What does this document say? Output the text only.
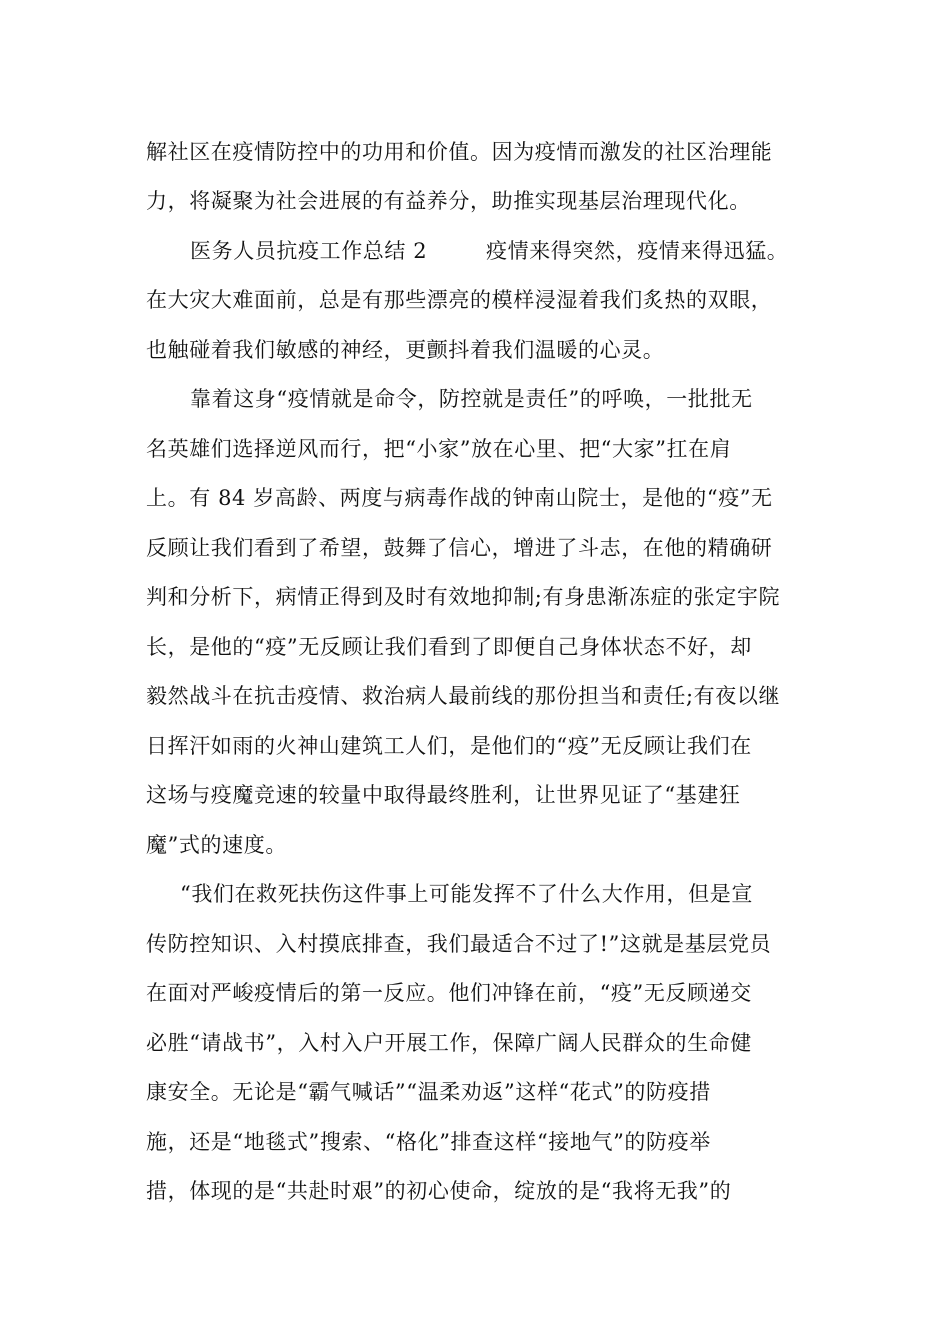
解社区在疫情防控中的功用和价值。因为疫情而激发的社区治理能
力，将凝聚为社会进展的有益养分，助推实现基层治理现代化。
医务人员抗疫工作总结 2	疫情来得突然，疫情来得迅猛。
在大灾大难面前，总是有那些漂亮的模样浸湿着我们炙热的双眼，
也触碰着我们敏感的神经，更颤抖着我们温暖的心灵。
靠着这身“疫情就是命令，防控就是责任”的呼唤，一批批无
名英雄们选择逆风而行，把“小家”放在心里、把“大家”扛在肩
上。有 84 岁高龄、两度与病毒作战的钟南山院士，是他的“疫”无
反顾让我们看到了希望，鼓舞了信心，增进了斗志，在他的精确研
判和分析下，病情正得到及时有效地抑制;有身患渐冻症的张定宇院
长，是他的“疫”无反顾让我们看到了即便自己身体状态不好，却
毅然战斗在抗击疫情、救治病人最前线的那份担当和责任;有夜以继
日挥汗如雨的火神山建筑工人们，是他们的“疫”无反顾让我们在
这场与疫魔竞速的较量中取得最终胜利，让世界见证了“基建狂
魔”式的速度。
“我们在救死扶伤这件事上可能发挥不了什么大作用，但是宣
传防控知识、入村摸底排查，我们最适合不过了!”这就是基层党员
在面对严峻疫情后的第一反应。他们冲锋在前，“疫”无反顾递交
必胜“请战书”，入村入户开展工作，保障广阔人民群众的生命健
康安全。无论是“霸气喊话”“温柔劝返”这样“花式”的防疫措
施，还是“地毯式”搜索、“格化”排查这样“接地气”的防疫举
措，体现的是“共赴时艰”的初心使命，绽放的是“我将无我”的
